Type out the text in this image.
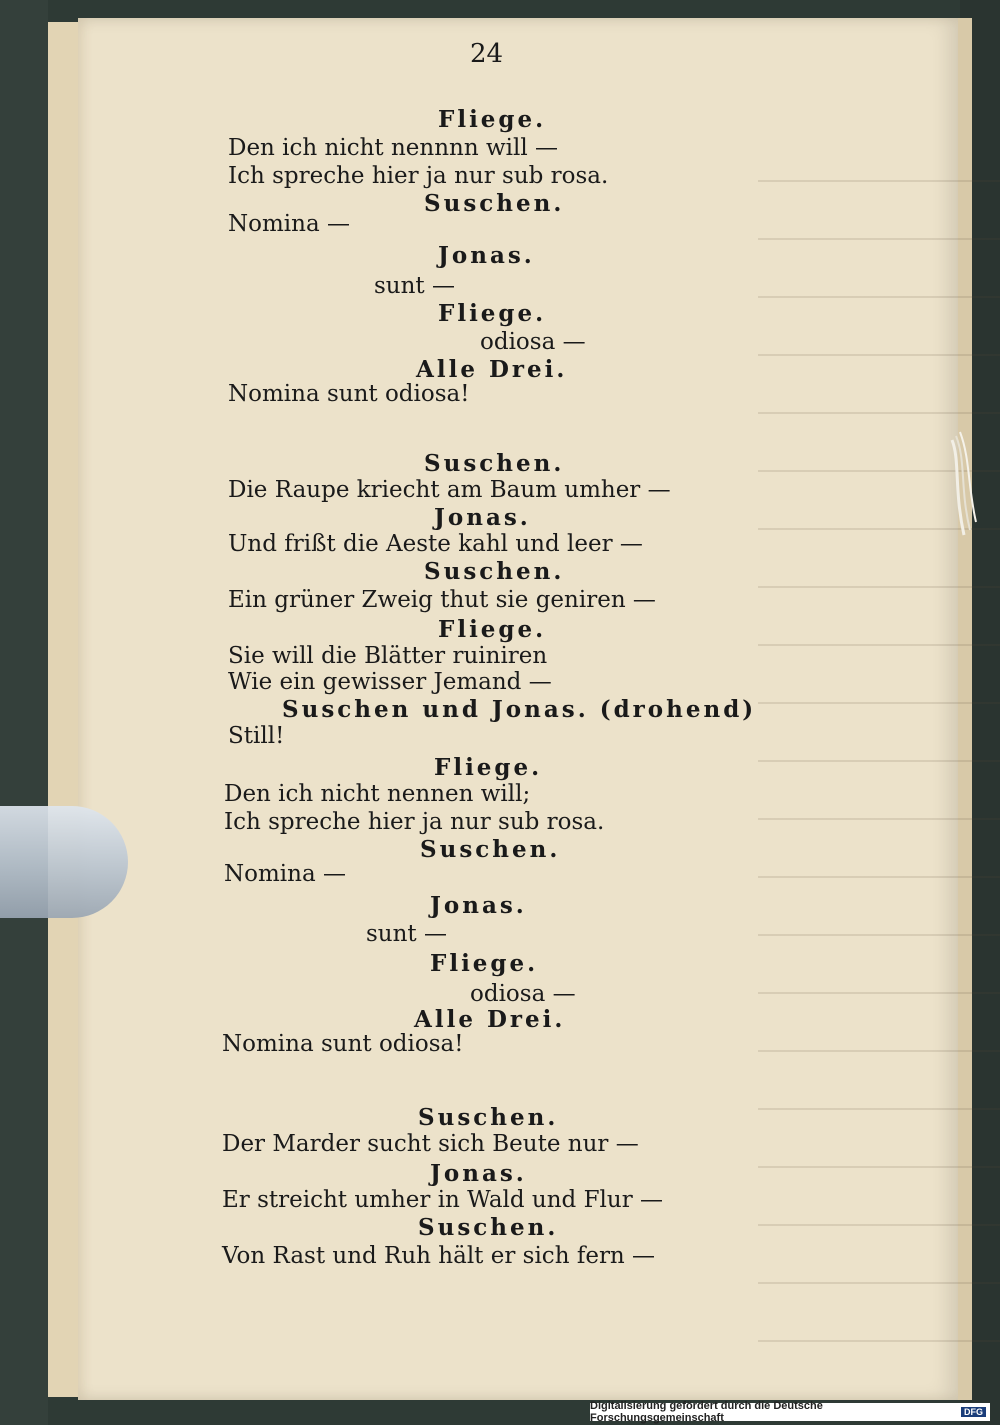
24
Fliege.
Den ich nicht nennnn will —
Ich spreche hier ja nur sub rosa.
Suschen.
Nomina —
Jonas.
sunt —
Fliege.
odiosa —
Alle Drei.
Nomina sunt odiosa!
Suschen.
Die Raupe kriecht am Baum umher —
Jonas.
Und frißt die Aeste kahl und leer —
Suschen.
Ein grüner Zweig thut sie geniren —
Fliege.
Sie will die Blätter ruiniren
Wie ein gewisser Jemand —
Suschen und Jonas. (drohend)
Still!
Fliege.
Den ich nicht nennen will;
Ich spreche hier ja nur sub rosa.
Suschen.
Nomina —
Jonas.
sunt —
Fliege.
odiosa —
Alle Drei.
Nomina sunt odiosa!
Suschen.
Der Marder sucht sich Beute nur —
Jonas.
Er streicht umher in Wald und Flur —
Suschen.
Von Rast und Ruh hält er sich fern —
Digitalisierung gefördert durch die Deutsche Forschungsgemeinschaft	DFG
